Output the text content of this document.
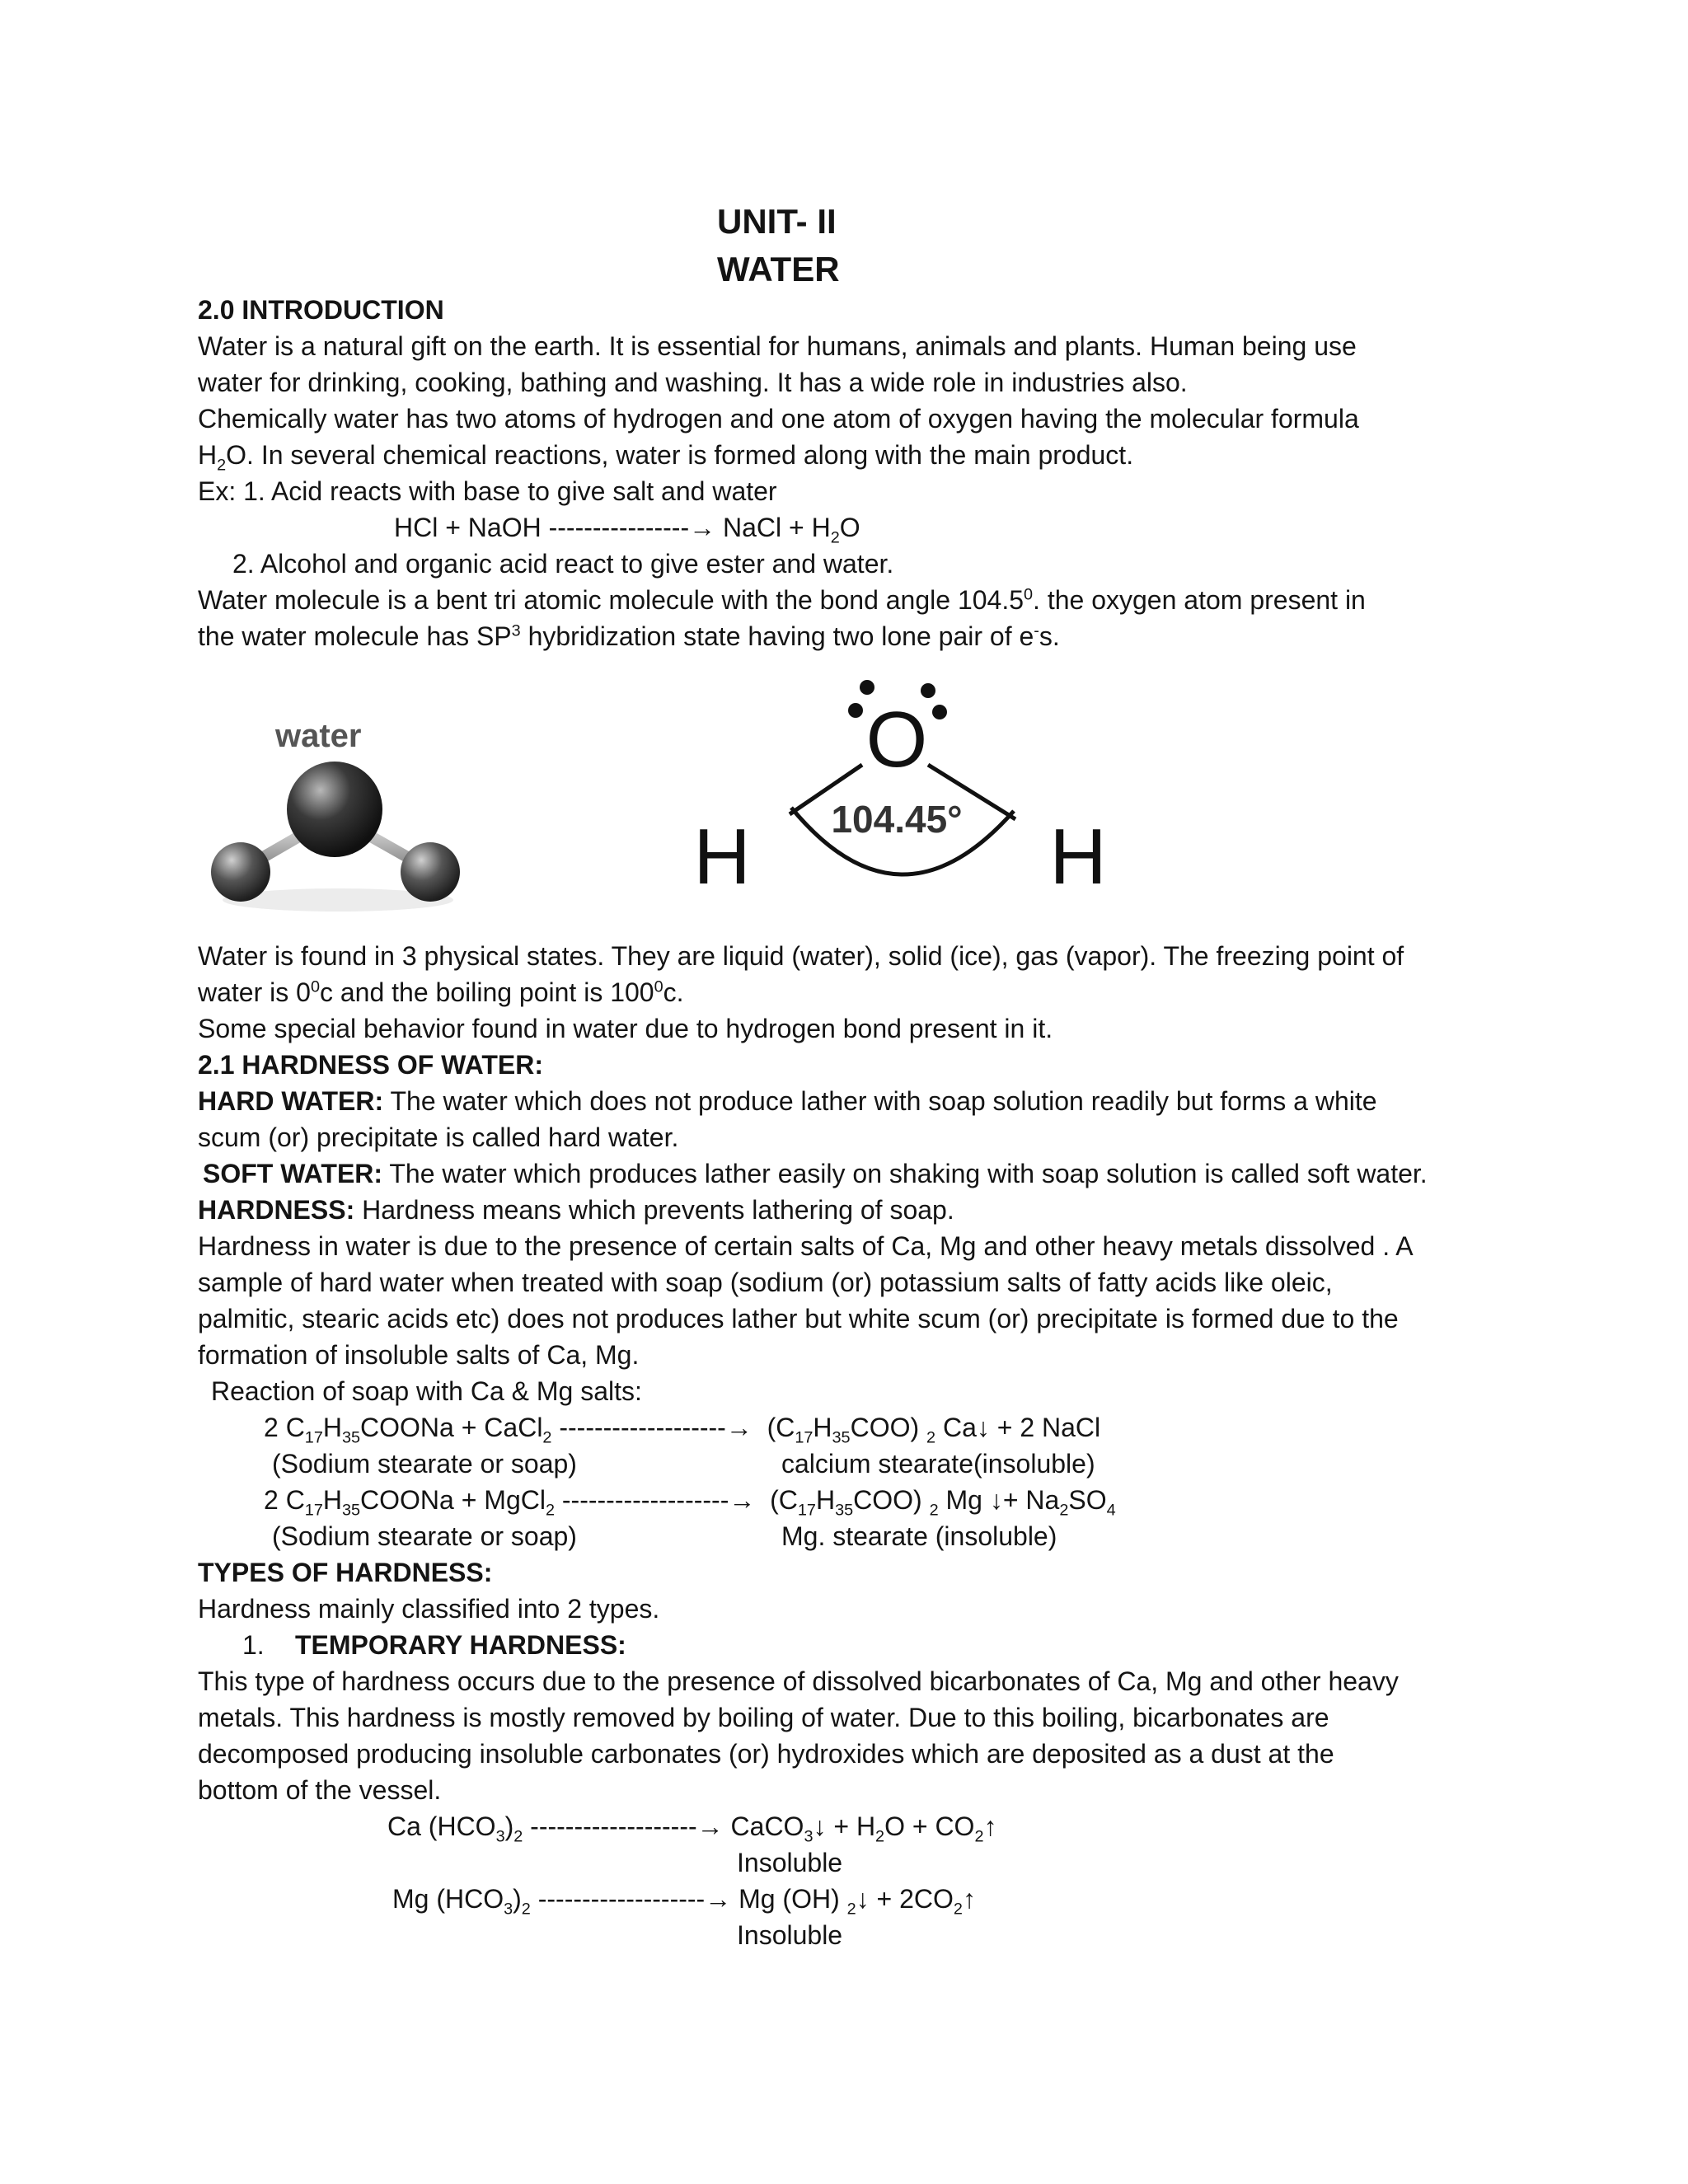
UNIT- II
WATER
2.0 INTRODUCTION
Water is a natural gift on the earth. It is essential for humans, animals and plants. Human being use
water for drinking, cooking, bathing and washing. It has a wide role in industries also.
Chemically water has two atoms of hydrogen and one atom of oxygen having the molecular formula
$H_2O$. In several chemical reactions, water is formed along with the main product.
Ex: 1. Acid reacts with base to give salt and water
HCl + NaOH ----------------→ NaCl + $H_2O$
2. Alcohol and organic acid react to give ester and water.
Water molecule is a bent tri atomic molecule with the bond angle 104.5$^0$. the oxygen atom present in
the water molecule has $SP^3$ hybridization state having two lone pair of e-s.
water	O
H	H
104.45°
Water is found in 3 physical states. They are liquid (water), solid (ice), gas (vapor). The freezing point of
water is $0^0c$ and the boiling point is $100^0c$.
Some special behavior found in water due to hydrogen bond present in it.
2.1 HARDNESS OF WATER:
HARD WATER: The water which does not produce lather with soap solution readily but forms a white
scum (or) precipitate is called hard water.
SOFT WATER: The water which produces lather easily on shaking with soap solution is called soft water.
HARDNESS: Hardness means which prevents lathering of soap.
Hardness in water is due to the presence of certain salts of Ca, Mg and other heavy metals dissolved . A
sample of hard water when treated with soap (sodium (or) potassium salts of fatty acids like oleic,
palmitic, stearic acids etc) does not produces lather but white scum (or) precipitate is formed due to the
formation of insoluble salts of Ca, Mg.
Reaction of soap with Ca & Mg salts:
2 $C_{17}H_{35}COONa$ + CaCl$_2$ -------------------→  $(C_{17}H_{35}COO)$ $_2$ Ca↓ + 2 NaCl
(Sodium stearate or soap)	calcium stearate(insoluble)
2 $C_{17}H_{35}COONa$ + MgCl$_2$ -------------------→  $(C_{17}H_{35}COO)$ $_2$ Mg ↓+ $Na_2SO_4$
(Sodium stearate or soap)	Mg. stearate (insoluble)
TYPES OF HARDNESS:
Hardness mainly classified into 2 types.
1. TEMPORARY HARDNESS:
This type of hardness occurs due to the presence of dissolved bicarbonates of Ca, Mg and other heavy
metals. This hardness is mostly removed by boiling of water. Due to this boiling, bicarbonates are
decomposed producing insoluble carbonates (or) hydroxides which are deposited as a dust at the
bottom of the vessel.
Ca $(HCO_3)_2$ -------------------→ CaCO$_3$↓ + $H_2O$ + $CO_2↑$
Insoluble
Mg $(HCO_3)_2$ -------------------→ Mg (OH) $_2$↓ + $2CO_2↑$
Insoluble
